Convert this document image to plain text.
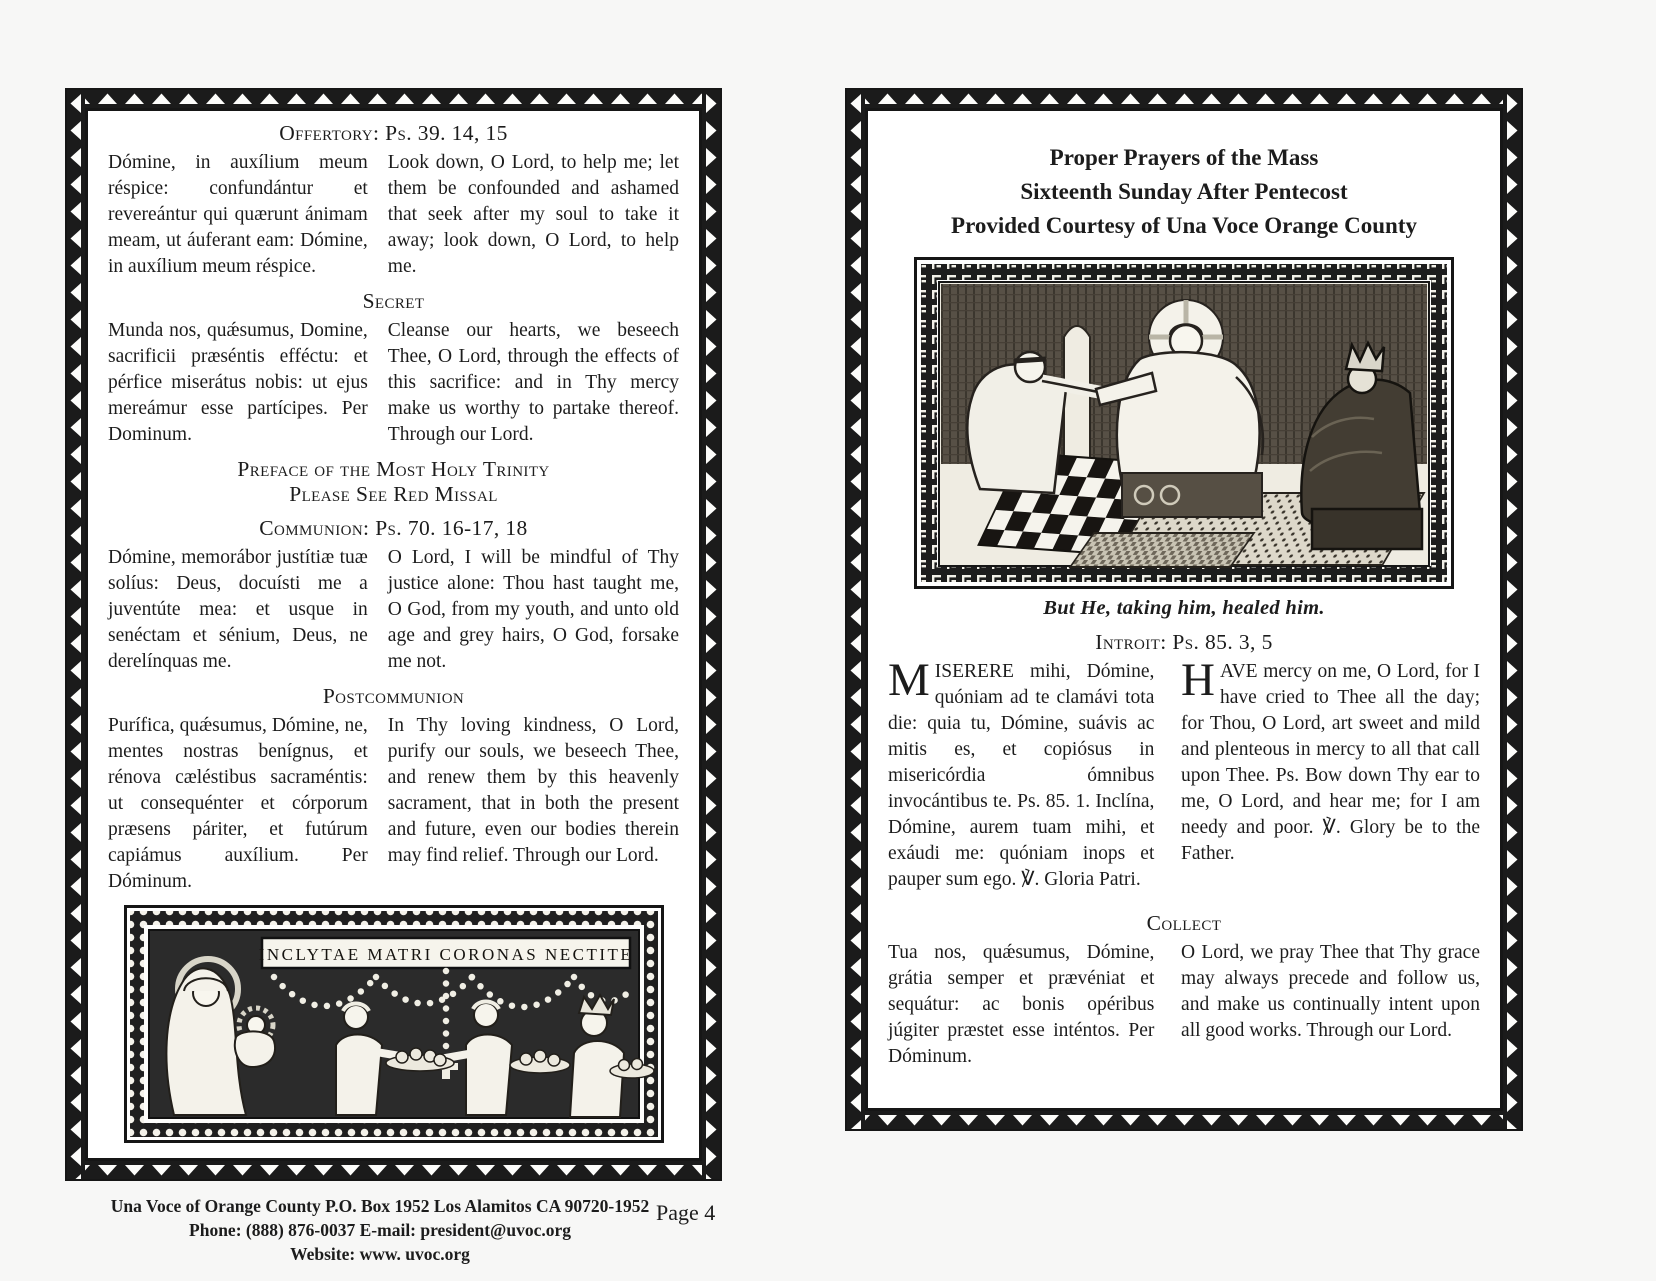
Offertory: Ps. 39. 14, 15

Dómine, in auxílium meum réspice: confundántur et revereántur qui quærunt ánimam meam, ut áuferant eam: Dómine, in auxílium meum réspice.

Look down, O Lord, to help me; let them be confounded and ashamed that seek after my soul to take it away; look down, O Lord, to help me.

Secret

Munda nos, quǽsumus, Domine, sacrificii præséntis efféctu: et pérfice miserátus nobis: ut ejus mereámur esse partícipes. Per Dominum.

Cleanse our hearts, we beseech Thee, O Lord, through the effects of this sacrifice: and in Thy mercy make us worthy to partake thereof. Through our Lord.

Preface of the Most Holy Trinity
Please See Red Missal
Communion: Ps. 70. 16-17, 18

Dómine, memorábor justítiæ tuæ solíus: Deus, docuísti me a juventúte mea: et usque in senéctam et sénium, Deus, ne derelínquas me.

O Lord, I will be mindful of Thy justice alone: Thou hast taught me, O God, from my youth, and unto old age and grey hairs, O God, forsake me not.

Postcommunion

Purífica, quǽsumus, Dómine, ne, mentes nostras benígnus, et rénova cæléstibus sacraméntis: ut consequénter et córporum præsens páriter, et futúrum capiámus auxílium. Per Dóminum.

In Thy loving kindness, O Lord, purify our souls, we beseech Thee, and renew them by this heavenly sacrament, that in both the present and future, even our bodies therein may find relief. Through our Lord.

INCLYTAE MATRI CORONAS NECTITE
Una Voce of Orange County P.O. Box 1952 Los Alamitos CA 90720-1952
Phone: (888) 876-0037 E-mail: president@uvoc.org
Website: www. uvoc.org
Page 4

Proper Prayers of the Mass

Sixteenth Sunday After Pentecost

Provided Courtesy of Una Voce Orange County

But He, taking him, healed him.
Introit: Ps. 85. 3, 5

MISERERE mihi, Dómine, quóniam ad te clamávi tota die: quia tu, Dómine, suávis ac mitis es, et copiósus in misericórdia ómnibus invocántibus te. Ps. 85. 1. Inclína, Dómine, aurem tuam mihi, et exáudi me: quóniam inops et pauper sum ego. ℣. Gloria Patri.

HAVE mercy on me, O Lord, for I have cried to Thee all the day; for Thou, O Lord, art sweet and mild and plenteous in mercy to all that call upon Thee. Ps. Bow down Thy ear to me, O Lord, and hear me; for I am needy and poor. ℣. Glory be to the Father.

Collect

Tua nos, quǽsumus, Dómine, grátia semper et prævéniat et sequátur: ac bonis opéribus júgiter præstet esse inténtos. Per Dóminum.

O Lord, we pray Thee that Thy grace may always precede and follow us, and make us continually intent upon all good works. Through our Lord.
